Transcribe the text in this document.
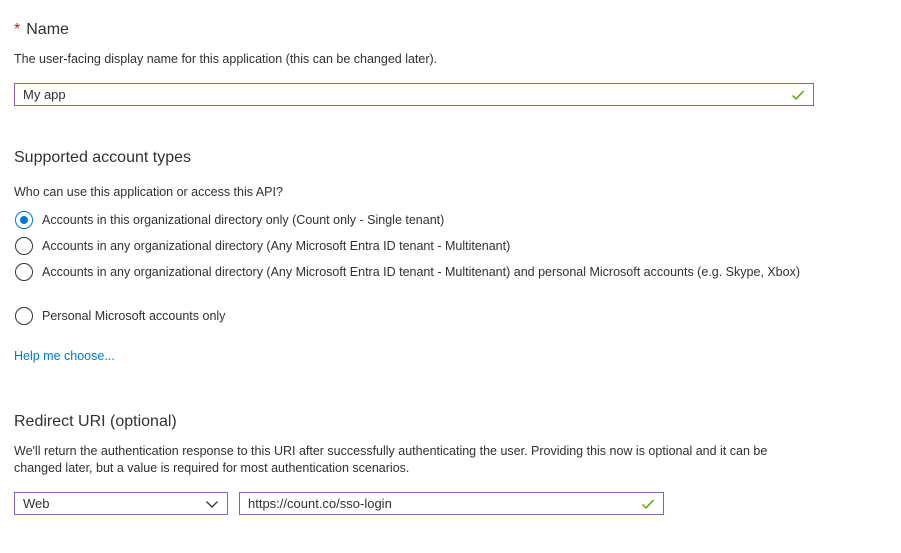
* Name
The user-facing display name for this application (this can be changed later).
My app
Supported account types
Who can use this application or access this API?
Accounts in this organizational directory only (Count only - Single tenant)
Accounts in any organizational directory (Any Microsoft Entra ID tenant - Multitenant)
Accounts in any organizational directory (Any Microsoft Entra ID tenant - Multitenant) and personal Microsoft accounts (e.g. Skype, Xbox)
Personal Microsoft accounts only
Help me choose...
Redirect URI (optional)
We'll return the authentication response to this URI after successfully authenticating the user. Providing this now is optional and it can be changed later, but a value is required for most authentication scenarios.
Web	https://count.co/sso-login
